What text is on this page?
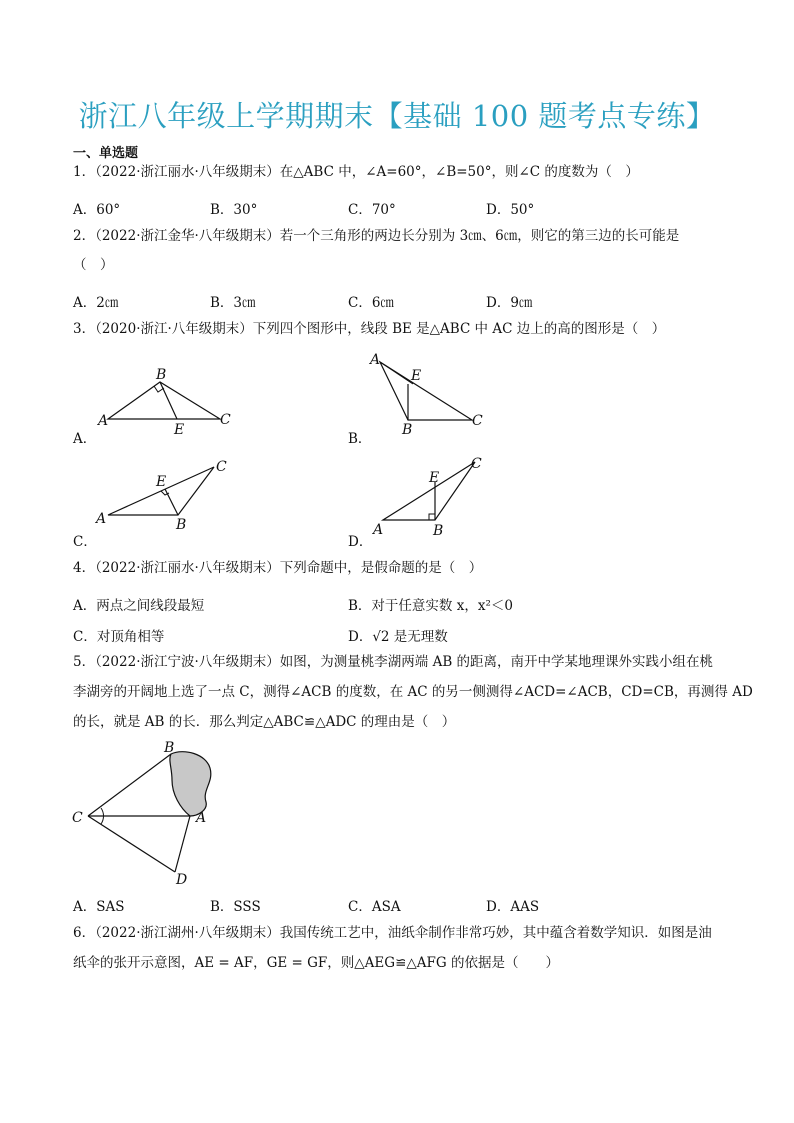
浙江八年级上学期期末【基础 100 题考点专练】
一、单选题
1．（2022·浙江丽水·八年级期末）在△ABC 中，∠A=60°，∠B=50°，则∠C 的度数为（　）
A．60°	B．30°	C．70°	D．50°
2．（2022·浙江金华·八年级期末）若一个三角形的两边长分别为 3㎝、6㎝，则它的第三边的长可能是
（　）
A．2㎝	B．3㎝	C．6㎝	D．9㎝
3．（2020·浙江·八年级期末）下列四个图形中，线段 BE 是△ABC 中 AC 边上的高的图形是（　）
A
B
C
E
A．
A
B
C
E
B．
A	B
C
E
C．
A	B
C
E
D．
4．（2022·浙江丽水·八年级期末）下列命题中，是假命题的是（　）
A．两点之间线段最短	B．对于任意实数 x，x²＜0
C．对顶角相等	D．√2 是无理数
5．（2022·浙江宁波·八年级期末）如图，为测量桃李湖两端 AB 的距离，南开中学某地理课外实践小组在桃
李湖旁的开阔地上选了一点 C，测得∠ACB 的度数，在 AC 的另一侧测得∠ACD=∠ACB，CD=CB，再测得 AD
的长，就是 AB 的长．那么判定△ABC≌△ADC 的理由是（　）
A
B
C
D
A．SAS	B．SSS	C．ASA	D．AAS
6．（2022·浙江湖州·八年级期末）我国传统工艺中，油纸伞制作非常巧妙，其中蕴含着数学知识．如图是油
纸伞的张开示意图，AE = AF，GE = GF，则△AEG≌△AFG 的依据是（　　）
